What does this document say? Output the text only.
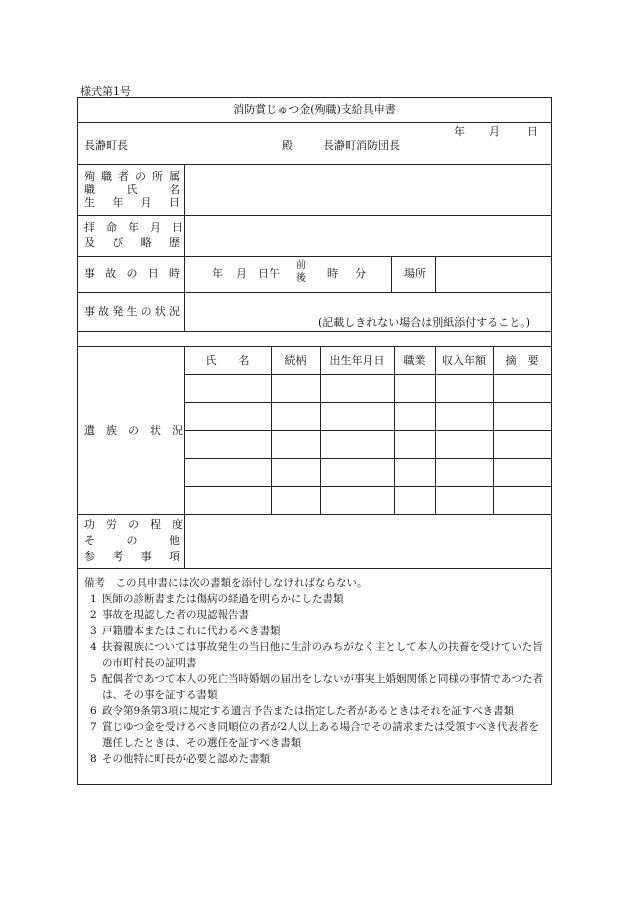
様式第1号
消防賞じゅつ金(殉職)支給具申書
長瀞町長	殿	長瀞町消防団長
年 月 日
殉 職 者 の 所 属
職　　氏　　名
生　年　月　日
拝　命　年　月　日
及　び　略　歴
事 故 の 日 時	年 月 日午
前
後 時 分	場所
事故発生の状況
(記載しきれない場合は別紙添付すること。)
遺　族　の　状　況
氏　　名	続柄	出生年月日	職業	収入年額	摘　要
功　労　の　程　度
そ　　の　　他
参　考　事　項
備考　この具申書には次の書類を添付しなければならない。
1 医師の診断書または傷病の経過を明らかにした書類
2 事故を現認した者の現認報告書
3 戸籍謄本またはこれに代わるべき書類
4 扶養親族については事故発生の当日他に生計のみちがなく主として本人の扶養を受けていた旨の市町村長の証明書
5 配偶者であつて本人の死亡当時婚姻の届出をしないが事実上婚姻関係と同様の事情であつた者は、その事を証する書類
6 政令第9条第3項に規定する遺言予告または指定した者があるときはそれを証すべき書類
7 賞じゆつ金を受けるべき同順位の者が2人以上ある場合でその請求または受領すべき代表者を選任したときは、その選任を証すべき書類
8 その他特に町長が必要と認めた書類
